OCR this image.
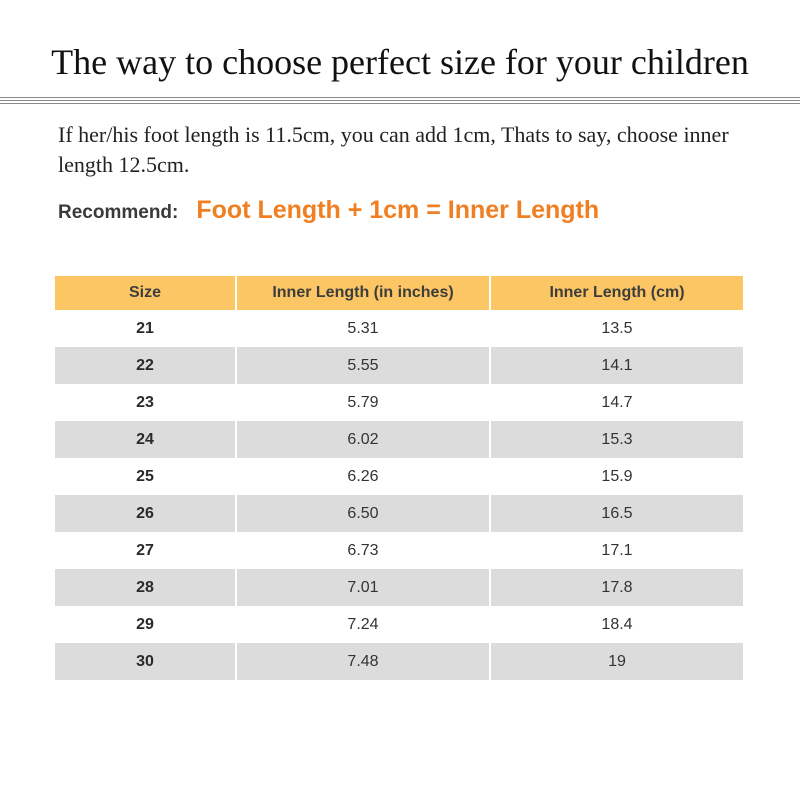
The way to choose perfect size for your children
If her/his foot length is 11.5cm, you can add 1cm, Thats to say, choose inner length 12.5cm.
Recommend: Foot Length + 1cm = Inner Length
Size	Inner Length (in inches)	Inner Length (cm)
21	5.31	13.5
22	5.55	14.1
23	5.79	14.7
24	6.02	15.3
25	6.26	15.9
26	6.50	16.5
27	6.73	17.1
28	7.01	17.8
29	7.24	18.4
30	7.48	19
